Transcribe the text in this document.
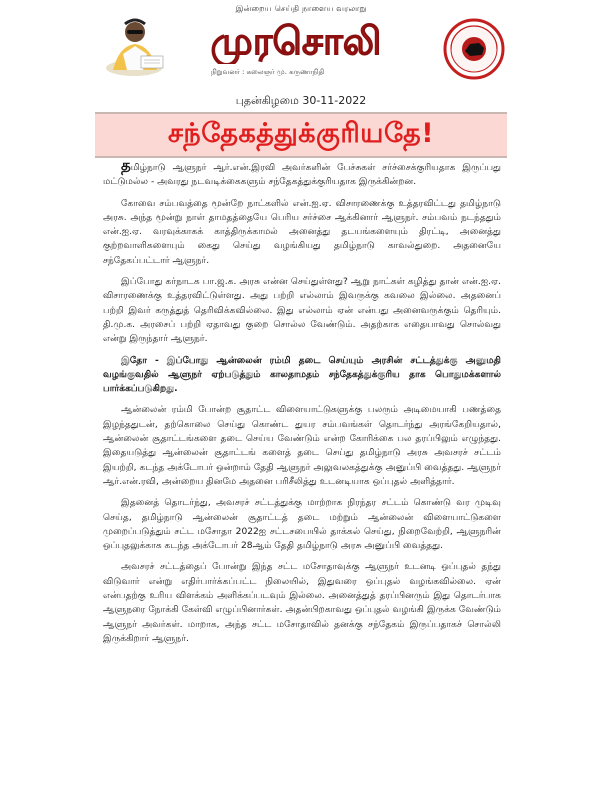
இன்றைய செய்தி நாளைய வரலாறு
முரசொலி
நிறுவனர் : கலைஞர் மு. கருணாநிதி
புதன்கிழமை 30-11-2022
சந்தேகத்துக்குரியதே!

தமிழ்நாடு ஆளுநர் ஆர்.என்.இரவி அவர்களின் பேச்சுகள் சர்ச்சைக்குரியதாக இருப்பது மட்டுமல்ல - அவரது நடவடிக்கைகளும் சந்தேகத்துக்குரியதாக இருக்கின்றன.

கோவை சம்பவத்தை மூன்றே நாட்களில் என்.ஐ.ஏ. விசாரணைக்கு உத்தரவிட்டது தமிழ்நாடு அரசு. அந்த மூன்று நாள் தாமதத்தையே பெரிய சர்ச்சை ஆக்கினார் ஆளுநர். சம்பவம் நடந்ததும் என்.ஐ.ஏ. வரவுக்காகக் காத்திருக்காமல் அனைத்து தடயங்களையும் திரட்டி, அனைத்து குற்றவாளிகளையும் கைது செய்து வழங்கியது தமிழ்நாடு காவல்துறை. அதனையே சந்தேகப்பட்டார் ஆளுநர்.

இப்போது கர்நாடக பா.ஜ.க. அரசு என்ன செய்துள்ளது? ஆறு நாட்கள் கழித்து தான் என்.ஐ.ஏ. விசாரணைக்கு உத்தரவிட்டுள்ளது. அது பற்றி எல்லாம் இவருக்கு கவலை இல்லை. அதனைப் பற்றி இவர் கருத்துத் தெரிவிக்கவில்லை. இது எல்லாம் ஏன் என்பது அனைவருக்கும் தெரியும். தி.மு.க. அரசைப் பற்றி ஏதாவது குறை சொல்ல வேண்டும். அதற்காக எதையாவது சொல்வது என்று இருந்தார் ஆளுநர்.

இதோ - இப்போது ஆன்லைன் ரம்மி தடை செய்யும் அரசின் சட்டத்துக்கு அனுமதி வழங்குவதில் ஆளுநர் ஏற்படுத்தும் காலதாமதம் சந்தேகத்துக்குரிய தாக பொதுமக்களால் பார்க்கப்படுகிறது.

ஆன்லைன் ரம்மி போன்ற சூதாட்ட விளையாட்டுகளுக்கு பலரும் அடிமையாகி பணத்தை இழந்ததுடன், தற்கொலை செய்து கொண்ட துயர சம்பவங்கள் தொடர்ந்து அரங்கேறியதால், ஆன்லைன் சூதாட்டங்களை தடை செய்ய வேண்டும் என்ற கோரிக்கை பல தரப்பிலும் எழுந்தது. இதையடுத்து ஆன்லைன் சூதாட்டங் களைத் தடை செய்து தமிழ்நாடு அரசு அவசரச் சட்டம் இயற்றி, கடந்த அக்டோபர் ஒன்றாம் தேதி ஆளுநர் அலுவலகத்துக்கு அனுப்பி வைத்தது. ஆளுநர் ஆர்.என்.ரவி, அன்றைய தினமே அதனை பரிசீலித்து உடனடியாக ஒப்புதல் அளித்தார்.

இதனைத் தொடர்ந்து, அவசரச் சட்டத்துக்கு மாற்றாக நிரந்தர சட்டம் கொண்டு வர முடிவு செய்த, தமிழ்நாடு ஆன்லைன் சூதாட்டத் தடை மற்றும் ஆன்லைன் விளையாட்டுகளை முறைப்படுத்தும் சட்ட மசோதா 2022ஐ சட்டசபையில் தாக்கல் செய்து, நிறைவேற்றி, ஆளுநரின் ஒப்புதலுக்காக கடந்த அக்டோபர் 28ஆம் தேதி தமிழ்நாடு அரசு அனுப்பி வைத்தது.

அவசரச் சட்டத்தைப் போன்று இந்த சட்ட மசோதாவுக்கு ஆளுநர் உடனடி ஒப்புதல் தந்து விடுவார் என்று எதிர்பார்க்கப்பட்ட நிலையில், இதுவரை ஒப்புதல் வழங்கவில்லை. ஏன் என்பதற்கு உரிய விளக்கம் அளிக்கப்படவும் இல்லை. அனைத்துத் தரப்பினரும் இது தொடர்பாக ஆளுநரை நோக்கி கேள்வி எழுப்பினார்கள். அதன்பிறகாவது ஒப்புதல் வழங்கி இருக்க வேண்டும் ஆளுநர் அவர்கள். மாறாக, அந்த சட்ட மசோதாவில் தனக்கு சந்தேகம் இருப்பதாகச் சொல்லி இருக்கிறார் ஆளுநர்.
